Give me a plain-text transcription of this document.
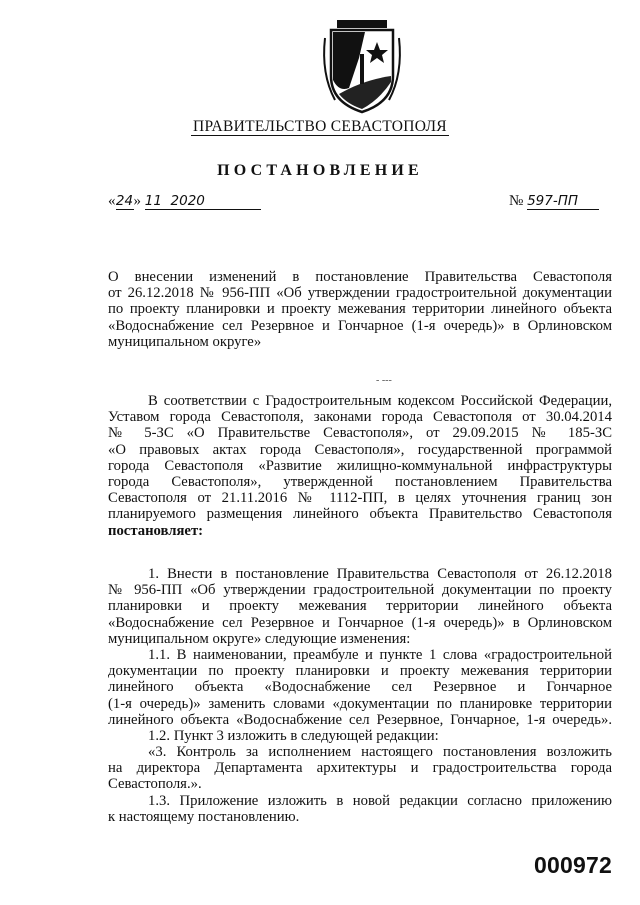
ПРАВИТЕЛЬСТВО СЕВАСТОПОЛЯ
ПОСТАНОВЛЕНИЕ
«24» 11 2020	№ 597-ПП
- ---
О внесении изменений в постановление Правительства Севастополя
от 26.12.2018 № 956-ПП «Об утверждении градостроительной документации
по проекту планировки и проекту межевания территории линейного объекта
«Водоснабжение сел Резервное и Гончарное (1-я очередь)» в Орлиновском
муниципальном округе»
В соответствии с Градостроительным кодексом Российской Федерации,
Уставом города Севастополя, законами города Севастополя от 30.04.2014
№ 5-ЗС «О Правительстве Севастополя», от 29.09.2015 № 185-ЗС
«О правовых актах города Севастополя», государственной программой
города Севастополя «Развитие жилищно-коммунальной инфраструктуры
города Севастополя», утвержденной постановлением Правительства
Севастополя от 21.11.2016 № 1112-ПП, в целях уточнения границ зон
планируемого размещения линейного объекта Правительство Севастополя
постановляет:
1. Внести в постановление Правительства Севастополя от 26.12.2018
№ 956-ПП «Об утверждении градостроительной документации по проекту
планировки и проекту межевания территории линейного объекта
«Водоснабжение сел Резервное и Гончарное (1-я очередь)» в Орлиновском
муниципальном округе» следующие изменения:
1.1. В наименовании, преамбуле и пункте 1 слова «градостроительной
документации по проекту планировки и проекту межевания территории
линейного объекта «Водоснабжение сел Резервное и Гончарное
(1-я очередь)» заменить словами «документации по планировке территории
линейного объекта «Водоснабжение сел Резервное, Гончарное, 1-я очередь».
1.2. Пункт 3 изложить в следующей редакции:
«3. Контроль за исполнением настоящего постановления возложить
на директора Департамента архитектуры и градостроительства города
Севастополя.».
1.3. Приложение изложить в новой редакции согласно приложению
к настоящему постановлению.
000972
